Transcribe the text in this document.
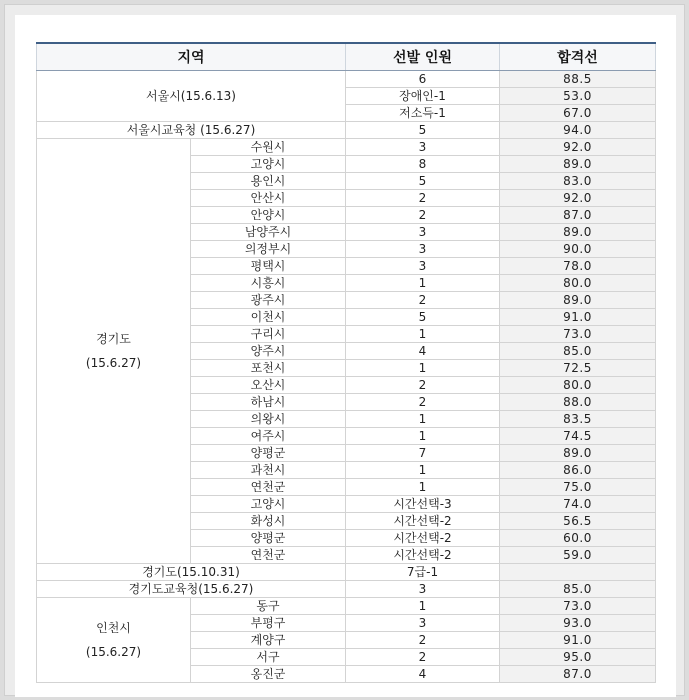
지역		선발 인원	합격선
서울시(15.6.13)		6	88.5
		장애인-1	53.0
		저소득-1	67.0
서울시교육청 (15.6.27)		5	94.0

경기도
(15.6.27)	수원시	3	92.0
	고양시	8	89.0
	용인시	5	83.0
	안산시	2	92.0
	안양시	2	87.0
	남양주시	3	89.0
	의정부시	3	90.0
	평택시	3	78.0
	시흥시	1	80.0
	광주시	2	89.0
	이천시	5	91.0
	구리시	1	73.0
	양주시	4	85.0
	포천시	1	72.5
	오산시	2	80.0
	하남시	2	88.0
	의왕시	1	83.5
	여주시	1	74.5
	양평군	7	89.0
	과천시	1	86.0
	연천군	1	75.0
	고양시	시간선택-3	74.0
	화성시	시간선택-2	56.5
	양평군	시간선택-2	60.0
	연천군	시간선택-2	59.0
경기도(15.10.31)		7급-1	
경기도교육청(15.6.27)		3	85.0

인천시
(15.6.27)	동구	1	73.0
	부평구	3	93.0
	계양구	2	91.0
	서구	2	95.0
	옹진군	4	87.0
